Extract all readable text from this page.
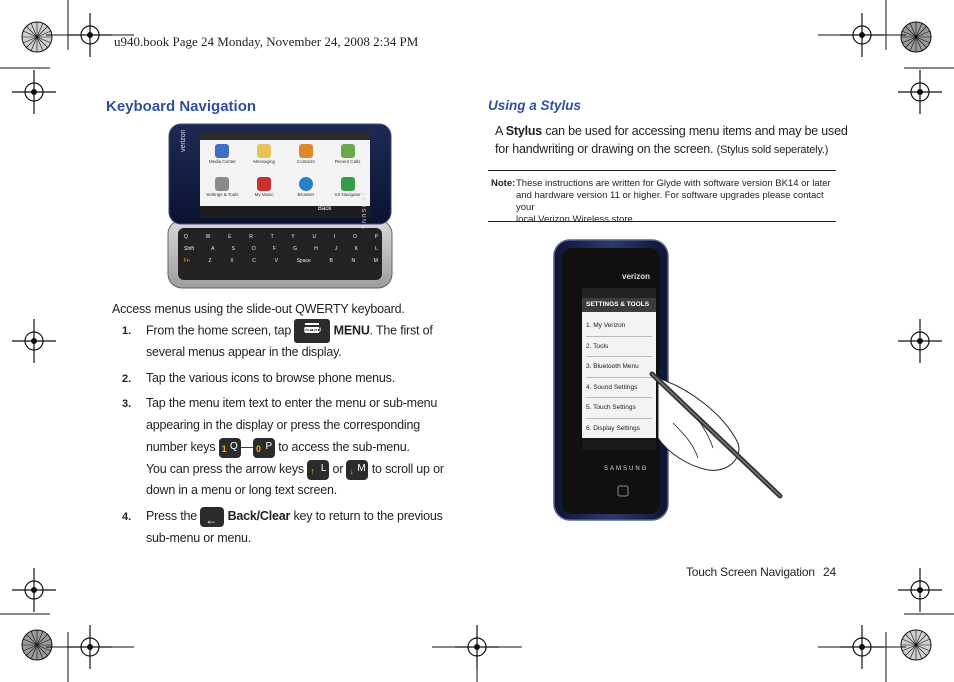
u940.book Page 24 Monday, November 24, 2008 2:34 PM
Keyboard Navigation
verizon
SAMSUNG
Media Center	Messaging	Contacts	Recent Calls
Settings & Tools	My Music	Browser	VZ Navigator
Back
Q	W	E	R	T	Y	U	I	O	P
Shift	A	S	D	F	G	H	J	K	L
Fn	Z	X	C	V	Space	B	N	M
Access menus using the slide-out QWERTY keyboard.
1. From the home screen, tap	MENU	MENU. The first of
several menus appear in the display.
2. Tap the various icons to browse phone menus.
3. Tap the menu item text to enter the menu or sub-menu
appearing in the display or press the corresponding
number keys 1 Q — 0 P to access the sub-menu.
You can press the arrow keys ↑ L or ↓ M to scroll up or
down in a menu or long text screen.
4. Press the ← Back/Clear key to return to the previous
sub-menu or menu.
Using a Stylus
A Stylus can be used for accessing menu items and may be used
for handwriting or drawing on the screen. (Stylus sold seperately.)
Note: These instructions are written for Glyde with software version BK14 or later
and hardware version 11 or higher. For software upgrades please contact your
local Verizon Wireless store.
verizon
SETTINGS & TOOLS
1. My Verizon
2. Tools
3. Bluetooth Menu
4. Sound Settings
5. Touch Settings
6. Display Settings
SAMSUNG
Touch Screen Navigation 24
